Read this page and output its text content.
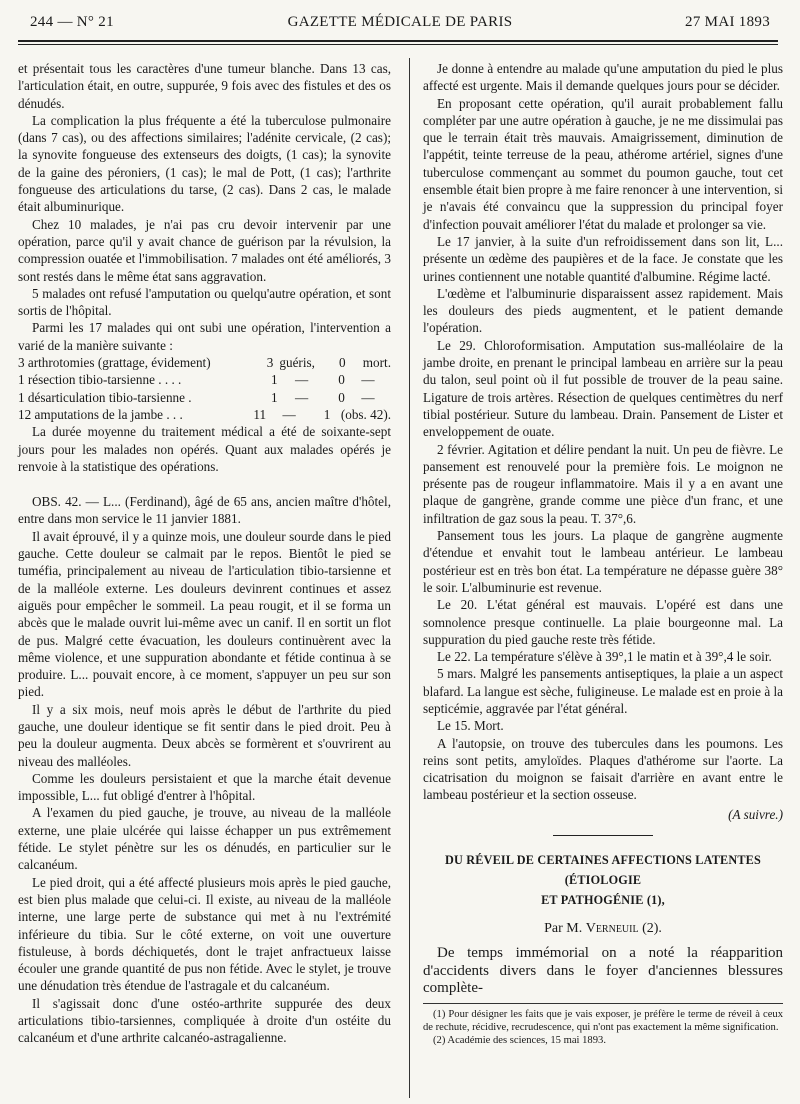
244 — N° 21	GAZETTE MÉDICALE DE PARIS	27 MAI 1893

et présentait tous les caractères d'une tumeur blanche. Dans 13 cas, l'articulation était, en outre, suppurée, 9 fois avec des fistules et des os dénudés.

La complication la plus fréquente a été la tuberculose pulmonaire (dans 7 cas), ou des affections similaires; l'adénite cervicale, (2 cas); la synovite fongueuse des extenseurs des doigts, (1 cas); la synovite de la gaine des péroniers, (1 cas); le mal de Pott, (1 cas); l'arthrite fongueuse des articulations du tarse, (2 cas). Dans 2 cas, le malade était albuminurique.

Chez 10 malades, je n'ai pas cru devoir intervenir par une opération, parce qu'il y avait chance de guérison par la révulsion, la compression ouatée et l'immobilisation. 7 malades ont été améliorés, 3 sont restés dans le même état sans aggravation.

5 malades ont refusé l'amputation ou quelqu'autre opération, et sont sortis de l'hôpital.

Parmi les 17 malades qui ont subi une opération, l'intervention a varié de la manière suivante :

3 arthrotomies (grattage, évidement)	3 guéris,	0	mort.
1 résection tibio-tarsienne . . . .	1	—	0	—
1 désarticulation tibio-tarsienne .	1	—	0	—
12 amputations de la jambe . . .	11	—	1 (obs. 42).

La durée moyenne du traitement médical a été de soixante-sept jours pour les malades non opérés. Quant aux malades opérés je renvoie à la statistique des opérations.

OBS. 42. — L... (Ferdinand), âgé de 65 ans, ancien maître d'hôtel, entre dans mon service le 11 janvier 1881.

Il avait éprouvé, il y a quinze mois, une douleur sourde dans le pied gauche. Cette douleur se calmait par le repos. Bientôt le pied se tuméfia, principalement au niveau de l'articulation tibio-tarsienne et de la malléole externe. Les douleurs devinrent continues et assez aiguës pour empêcher le sommeil. La peau rougit, et il se forma un abcès que le malade ouvrit lui-même avec un canif. Il en sortit un flot de pus. Malgré cette évacuation, les douleurs continuèrent avec la même violence, et une suppuration abondante et fétide continua à se produire. L... pouvait encore, à ce moment, s'appuyer un peu sur son pied.

Il y a six mois, neuf mois après le début de l'arthrite du pied gauche, une douleur identique se fit sentir dans le pied droit. Peu à peu la douleur augmenta. Deux abcès se formèrent et s'ouvrirent au niveau des malléoles.

Comme les douleurs persistaient et que la marche était devenue impossible, L... fut obligé d'entrer à l'hôpital.

A l'examen du pied gauche, je trouve, au niveau de la malléole externe, une plaie ulcérée qui laisse échapper un pus extrêmement fétide. Le stylet pénètre sur les os dénudés, en particulier sur le calcanéum.

Le pied droit, qui a été affecté plusieurs mois après le pied gauche, est bien plus malade que celui-ci. Il existe, au niveau de la malléole interne, une large perte de substance qui met à nu l'extrémité inférieure du tibia. Sur le côté externe, on voit une ouverture fistuleuse, à bords déchiquetés, dont le trajet anfractueux laisse écouler une grande quantité de pus non fétide. Avec le stylet, je trouve une dénudation très étendue de l'astragale et du calcanéum.

Il s'agissait donc d'une ostéo-arthrite suppurée des deux articulations tibio-tarsiennes, compliquée à droite d'un ostéite du calcanéum et d'une arthrite calcanéo-astragalienne.

Je donne à entendre au malade qu'une amputation du pied le plus affecté est urgente. Mais il demande quelques jours pour se décider.

En proposant cette opération, qu'il aurait probablement fallu compléter par une autre opération à gauche, je ne me dissimulai pas que le terrain était très mauvais. Amaigrissement, diminution de l'appétit, teinte terreuse de la peau, athérome artériel, signes d'une tuberculose commençant au sommet du poumon gauche, tout cet ensemble était bien propre à me faire renoncer à une intervention, si je n'avais été convaincu que la suppression du principal foyer d'infection pouvait améliorer l'état du malade et prolonger sa vie.

Le 17 janvier, à la suite d'un refroidissement dans son lit, L... présente un œdème des paupières et de la face. Je constate que les urines contiennent une notable quantité d'albumine. Régime lacté.

L'œdème et l'albuminurie disparaissent assez rapidement. Mais les douleurs des pieds augmentent, et le patient demande l'opération.

Le 29. Chloroformisation. Amputation sus-malléolaire de la jambe droite, en prenant le principal lambeau en arrière sur la peau du talon, seul point où il fut possible de trouver de la peau saine. Ligature de trois artères. Résection de quelques centimètres du nerf tibial postérieur. Suture du lambeau. Drain. Pansement de Lister et enveloppement de ouate.

2 février. Agitation et délire pendant la nuit. Un peu de fièvre. Le pansement est renouvelé pour la première fois. Le moignon ne présente pas de rougeur inflammatoire. Mais il y a en avant une plaque de gangrène, grande comme une pièce d'un franc, et une infiltration de gaz sous la peau. T. 37°,6.

Pansement tous les jours. La plaque de gangrène augmente d'étendue et envahit tout le lambeau antérieur. Le lambeau postérieur est en très bon état. La température ne dépasse guère 38° le soir. L'albuminurie est revenue.

Le 20. L'état général est mauvais. L'opéré est dans une somnolence presque continuelle. La plaie bourgeonne mal. La suppuration du pied gauche reste très fétide.

Le 22. La température s'élève à 39°,1 le matin et à 39°,4 le soir.

5 mars. Malgré les pansements antiseptiques, la plaie a un aspect blafard. La langue est sèche, fuligineuse. Le malade est en proie à la septicémie, aggravée par l'état général.

Le 15. Mort.

A l'autopsie, on trouve des tubercules dans les poumons. Les reins sont petits, amyloïdes. Plaques d'athérome sur l'aorte. La cicatrisation du moignon se faisait d'arrière en avant entre le lambeau postérieur et la section osseuse.

(A suivre.)
DU RÉVEIL DE CERTAINES AFFECTIONS LATENTES (ÉTIOLOGIE
ET PATHOGÉNIE (1),
Par M. Verneuil (2).

De temps immémorial on a noté la réapparition d'accidents divers dans le foyer d'anciennes blessures complète-

(1) Pour désigner les faits que je vais exposer, je préfère le terme de réveil à ceux de rechute, récidive, recrudescence, qui n'ont pas exactement la même signification.

(2) Académie des sciences, 15 mai 1893.
